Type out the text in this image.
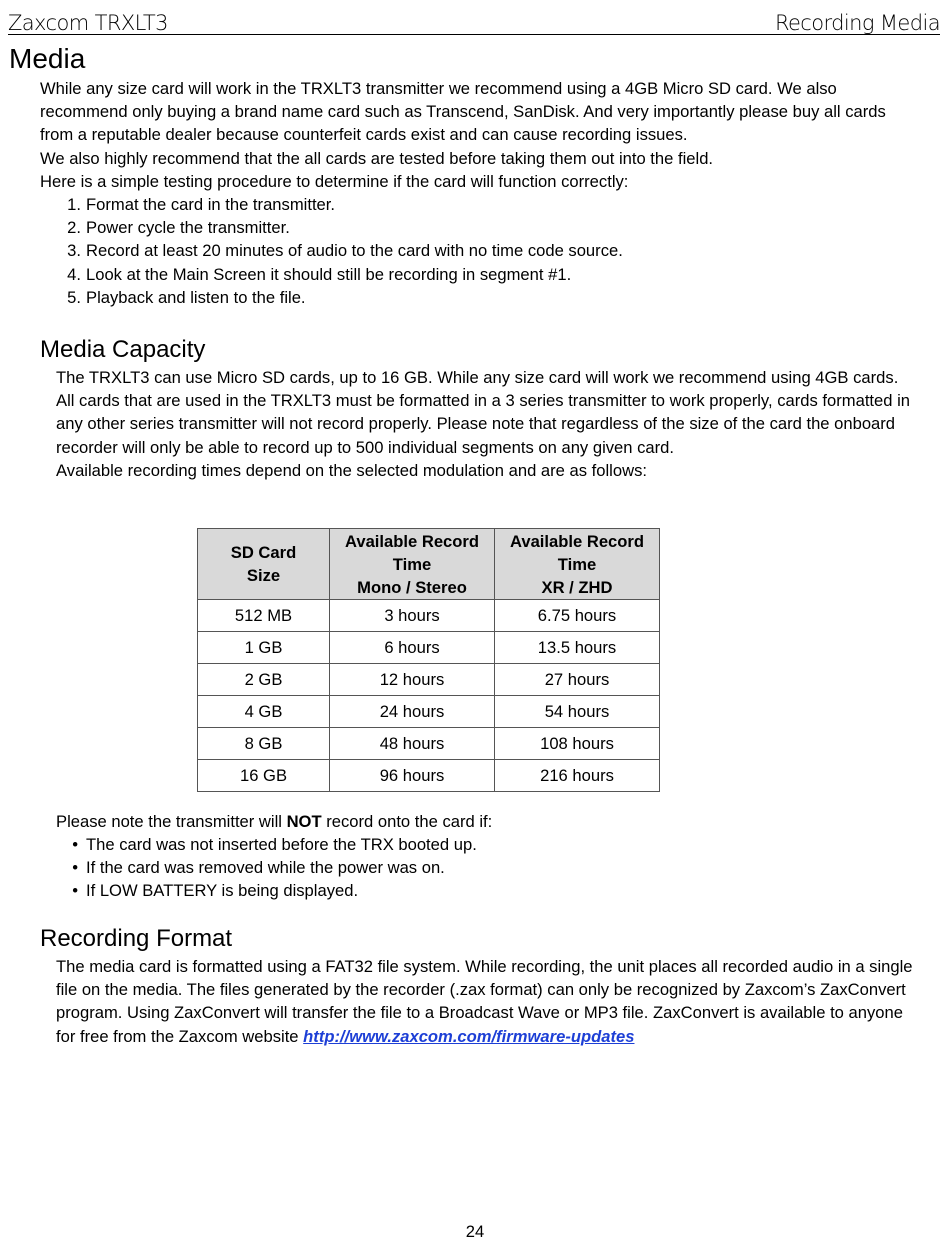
Zaxcom TRXLT3	Recording Media
Media

While any size card will work in the TRXLT3 transmitter we recommend using a 4GB Micro SD card. We also recommend only buying a brand name card such as Transcend, SanDisk. And very importantly please buy all cards from a reputable dealer because counterfeit cards exist and can cause recording issues.

We also highly recommend that the all cards are tested before taking them out into the field.

Here is a simple testing procedure to determine if the card will function correctly:

1. Format the card in the transmitter.
2. Power cycle the transmitter.
3. Record at least 20 minutes of audio to the card with no time code source.
4. Look at the Main Screen it should still be recording in segment #1.
5. Playback and listen to the file.
Media Capacity

The TRXLT3 can use Micro SD cards, up to 16 GB. While any size card will work we recommend using 4GB cards. All cards that are used in the TRXLT3 must be formatted in a 3 series transmitter to work properly, cards formatted in any other series transmitter will not record properly. Please note that regardless of the size of the card the onboard recorder will only be able to record up to 500 individual segments on any given card.

Available recording times depend on the selected modulation and are as follows:

SD Card
Size	Available Record
Time
Mono / Stereo	Available Record
Time
XR / ZHD
512 MB	3 hours	6.75 hours
1 GB	6 hours	13.5 hours
2 GB	12 hours	27 hours
4 GB	24 hours	54 hours
8 GB	48 hours	108 hours
16 GB	96 hours	216 hours

Please note the transmitter will NOT record onto the card if:

• The card was not inserted before the TRX booted up.
• If the card was removed while the power was on.
• If LOW BATTERY is being displayed.
Recording Format

The media card is formatted using a FAT32 file system. While recording, the unit places all recorded audio in a single file on the media. The files generated by the recorder (.zax format) can only be recognized by Zaxcom’s ZaxConvert program. Using ZaxConvert will transfer the file to a Broadcast Wave or MP3 file. ZaxConvert is available to anyone for free from the Zaxcom website http://www.zaxcom.com/firmware-updates

24
